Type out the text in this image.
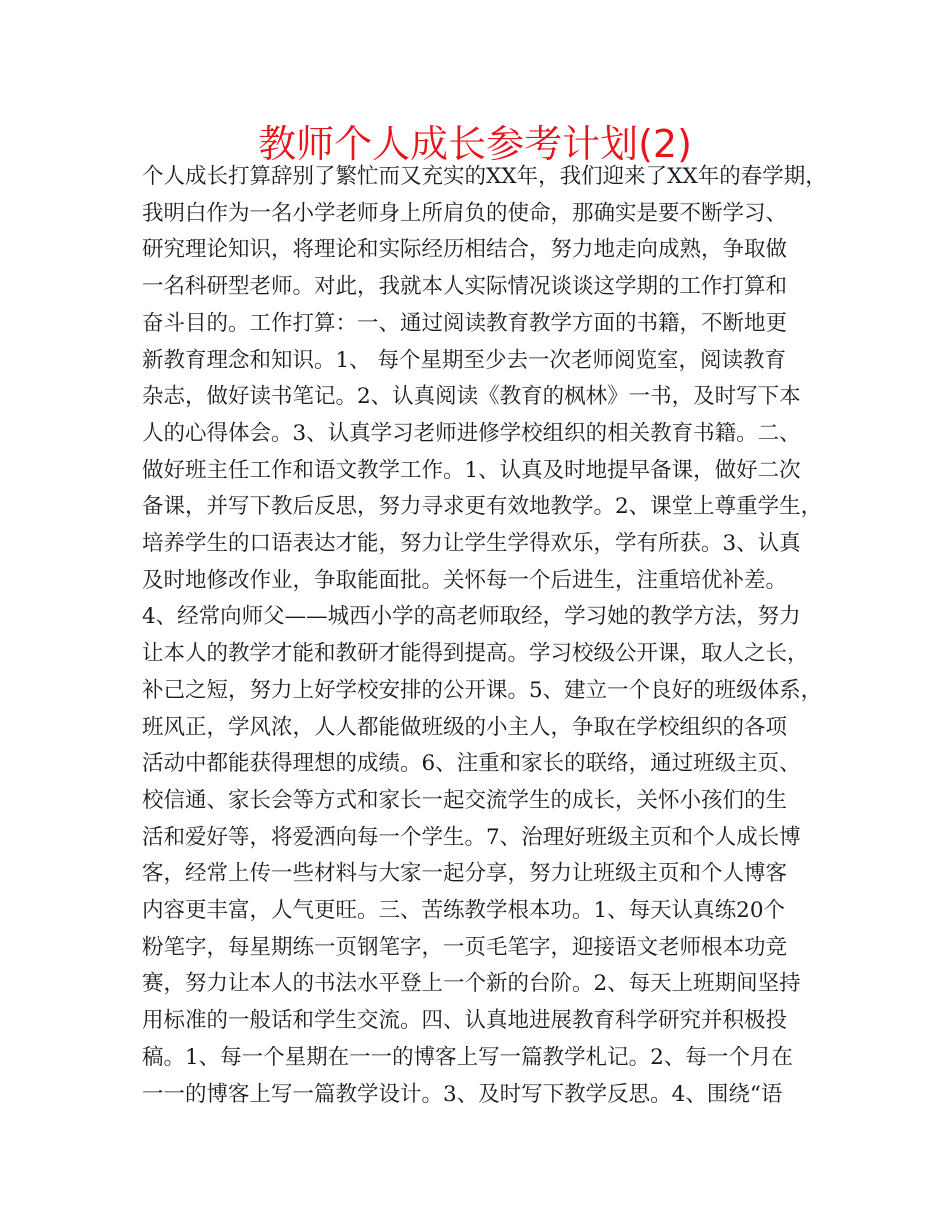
教师个人成长参考计划(2)
个人成长打算辞别了繁忙而又充实的XX年，我们迎来了XX年的春学期，
我明白作为一名小学老师身上所肩负的使命，那确实是要不断学习、
研究理论知识，将理论和实际经历相结合，努力地走向成熟，争取做
一名科研型老师。对此，我就本人实际情况谈谈这学期的工作打算和
奋斗目的。工作打算：一、通过阅读教育教学方面的书籍，不断地更
新教育理念和知识。1、 每个星期至少去一次老师阅览室，阅读教育
杂志，做好读书笔记。2、认真阅读《教育的枫林》一书，及时写下本
人的心得体会。3、认真学习老师进修学校组织的相关教育书籍。二、
做好班主任工作和语文教学工作。1、认真及时地提早备课，做好二次
备课，并写下教后反思，努力寻求更有效地教学。2、课堂上尊重学生，
培养学生的口语表达才能，努力让学生学得欢乐，学有所获。3、认真
及时地修改作业，争取能面批。关怀每一个后进生，注重培优补差。
4、经常向师父——城西小学的高老师取经，学习她的教学方法，努力
让本人的教学才能和教研才能得到提高。学习校级公开课，取人之长，
补己之短，努力上好学校安排的公开课。5、建立一个良好的班级体系，
班风正，学风浓，人人都能做班级的小主人，争取在学校组织的各项
活动中都能获得理想的成绩。6、注重和家长的联络，通过班级主页、
校信通、家长会等方式和家长一起交流学生的成长，关怀小孩们的生
活和爱好等，将爱洒向每一个学生。7、治理好班级主页和个人成长博
客，经常上传一些材料与大家一起分享，努力让班级主页和个人博客
内容更丰富，人气更旺。三、苦练教学根本功。1、每天认真练20个
粉笔字，每星期练一页钢笔字，一页毛笔字，迎接语文老师根本功竞
赛，努力让本人的书法水平登上一个新的台阶。2、每天上班期间坚持
用标准的一般话和学生交流。四、认真地进展教育科学研究并积极投
稿。1、每一个星期在一一的博客上写一篇教学札记。2、每一个月在
一一的博客上写一篇教学设计。3、及时写下教学反思。4、围绕“语
